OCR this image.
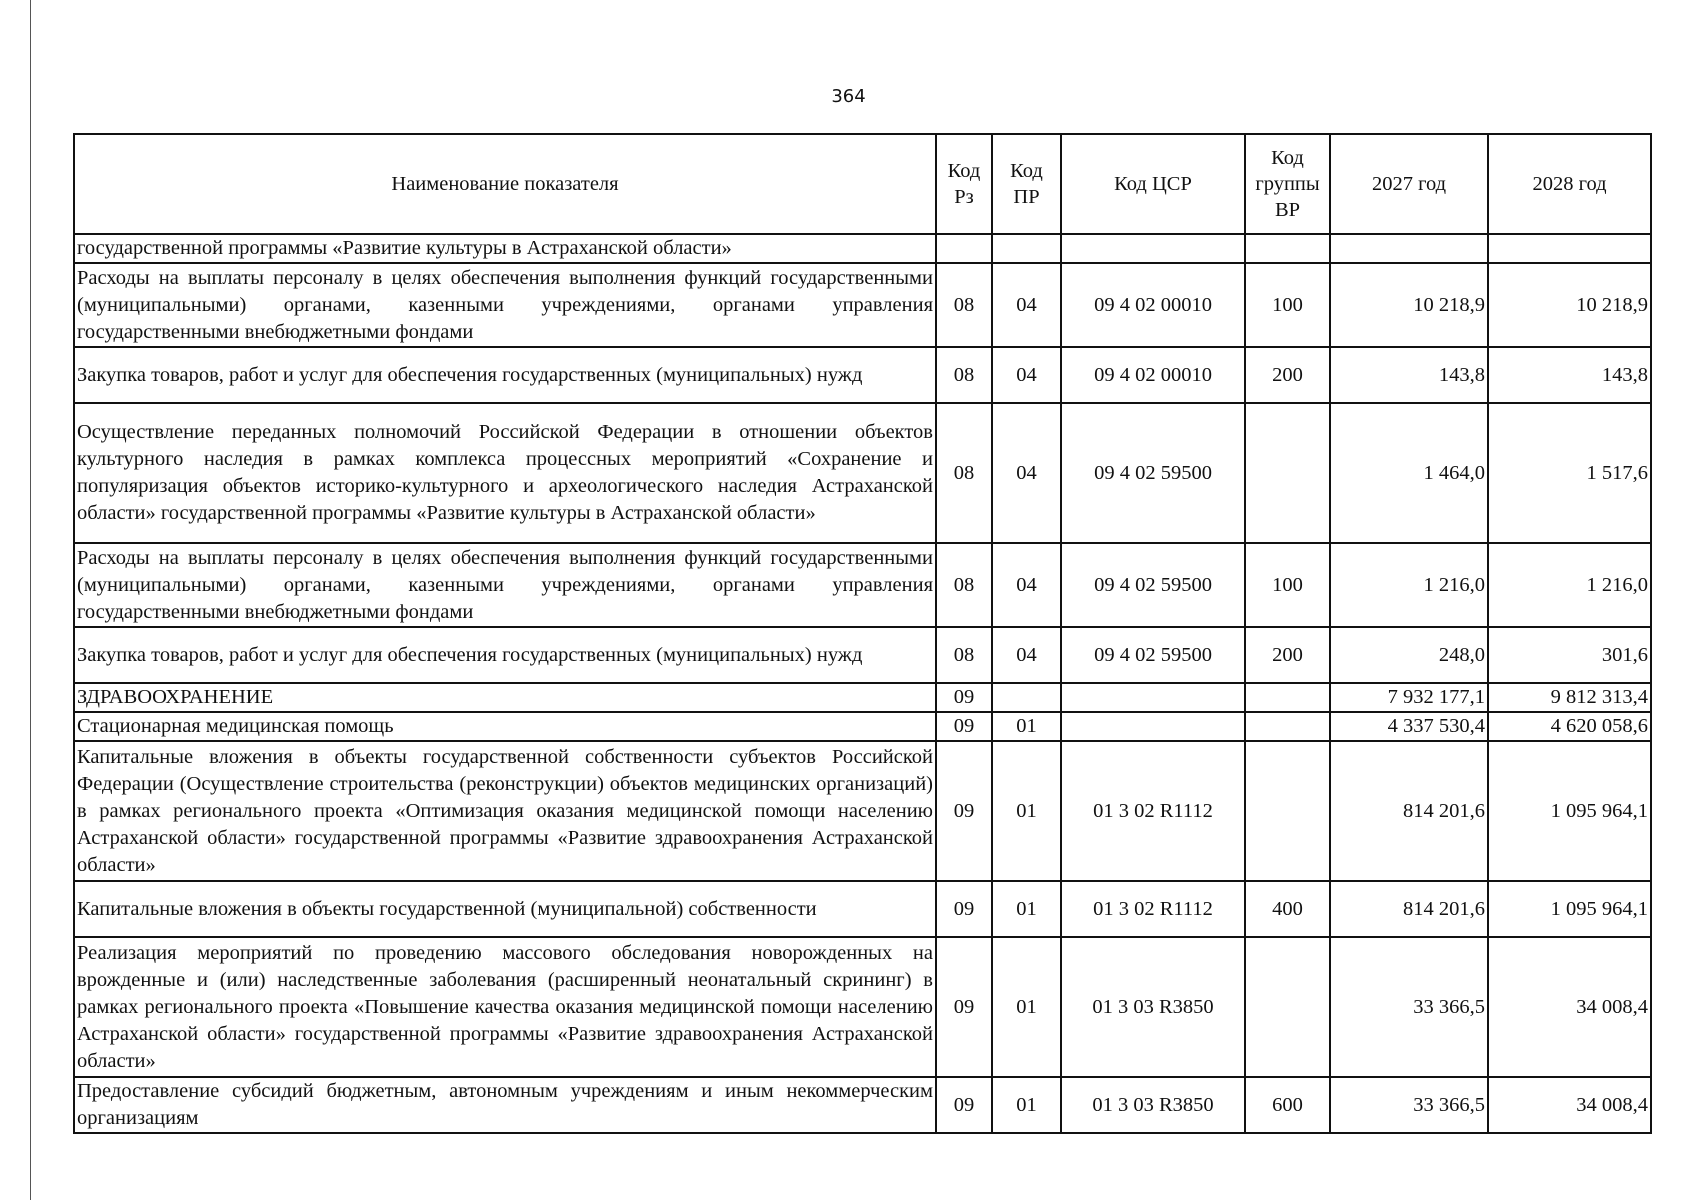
364
Наименование показателя	Код Рз	Код ПР	Код ЦСР	Код группы ВР	2027 год	2028 год
государственной программы «Развитие культуры в Астраханской области»						
Расходы на выплаты персоналу в целях обеспечения выполнения функций государственными (муниципальными) органами, казенными учреждениями, органами управления государственными внебюджетными фондами	08	04	09 4 02 00010	100	10 218,9	10 218,9
Закупка товаров, работ и услуг для обеспечения государственных (муниципальных) нужд	08	04	09 4 02 00010	200	143,8	143,8
Осуществление переданных полномочий Российской Федерации в отношении объектов культурного наследия в рамках комплекса процессных мероприятий «Сохранение и популяризация объектов историко-культурного и археологического наследия Астраханской области» государственной программы «Развитие культуры в Астраханской области»	08	04	09 4 02 59500		1 464,0	1 517,6
Расходы на выплаты персоналу в целях обеспечения выполнения функций государственными (муниципальными) органами, казенными учреждениями, органами управления государственными внебюджетными фондами	08	04	09 4 02 59500	100	1 216,0	1 216,0
Закупка товаров, работ и услуг для обеспечения государственных (муниципальных) нужд	08	04	09 4 02 59500	200	248,0	301,6
ЗДРАВООХРАНЕНИЕ	09				7 932 177,1	9 812 313,4
Стационарная медицинская помощь	09	01			4 337 530,4	4 620 058,6
Капитальные вложения в объекты государственной собственности субъектов Российской Федерации (Осуществление строительства (реконструкции) объектов медицинских организаций) в рамках регионального проекта «Оптимизация оказания медицинской помощи населению Астраханской области» государственной программы «Развитие здравоохранения Астраханской области»	09	01	01 3 02 R1112		814 201,6	1 095 964,1
Капитальные вложения в объекты государственной (муниципальной) собственности	09	01	01 3 02 R1112	400	814 201,6	1 095 964,1
Реализация мероприятий по проведению массового обследования новорожденных на врожденные и (или) наследственные заболевания (расширенный неонатальный скрининг) в рамках регионального проекта «Повышение качества оказания медицинской помощи населению Астраханской области» государственной программы «Развитие здравоохранения Астраханской области»	09	01	01 3 03 R3850		33 366,5	34 008,4
Предоставление субсидий бюджетным, автономным учреждениям и иным некоммерческим организациям	09	01	01 3 03 R3850	600	33 366,5	34 008,4
